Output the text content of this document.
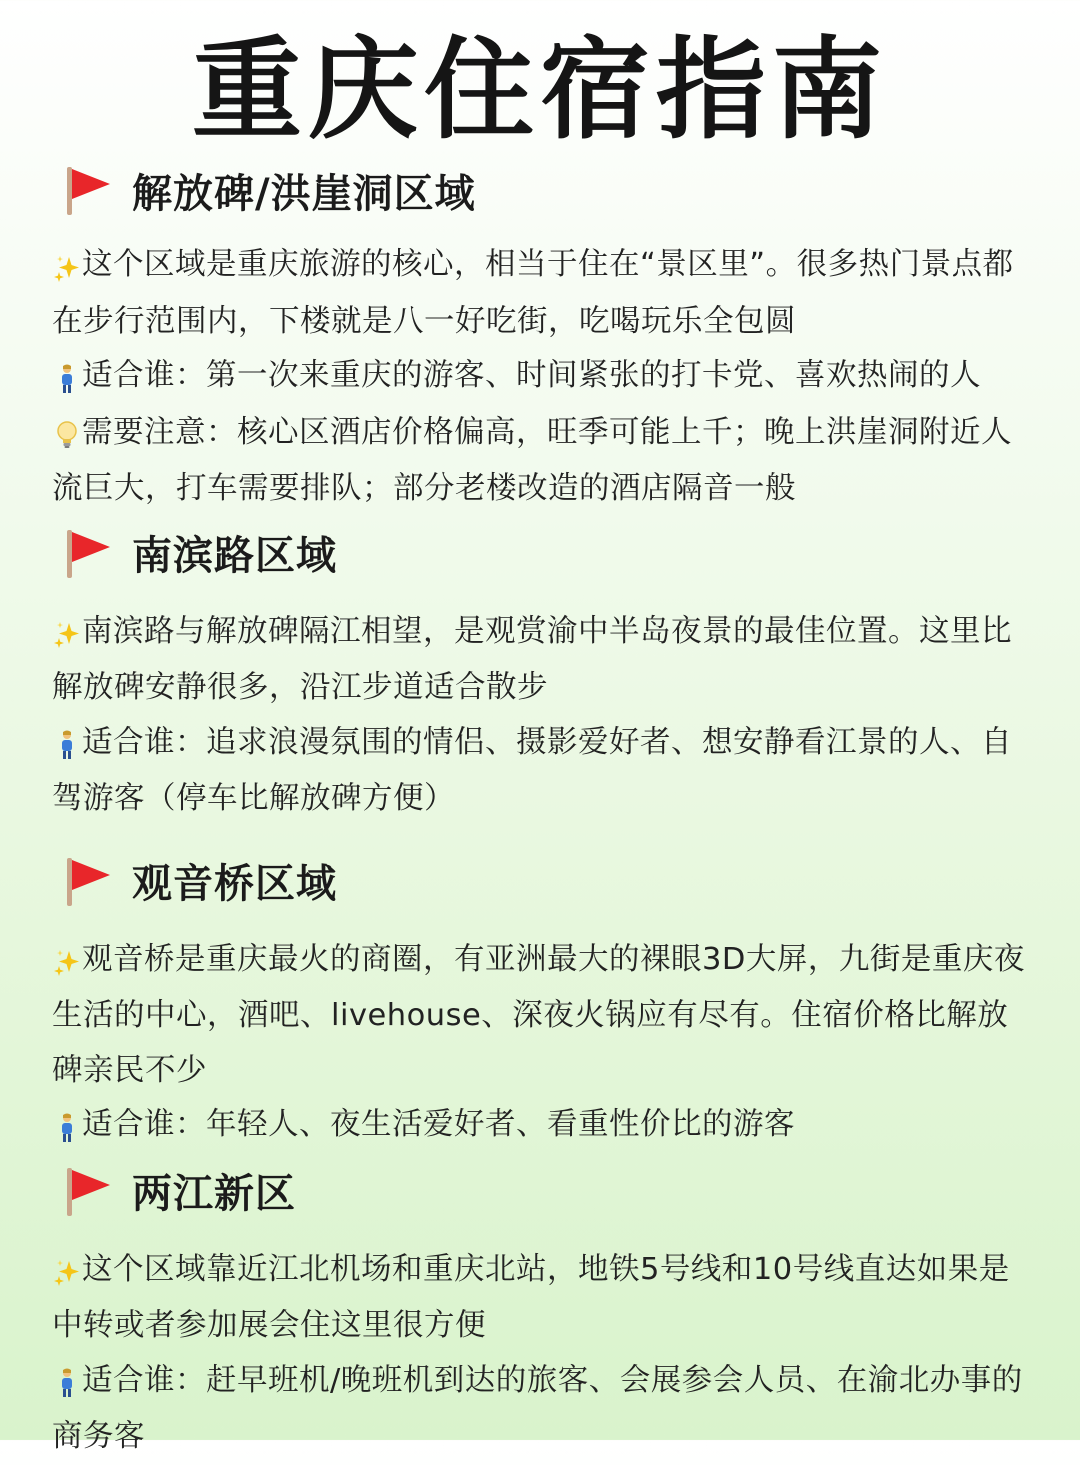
重庆住宿指南
解放碑/洪崖洞区域

这个区域是重庆旅游的核心，相当于住在“景区里”。很多热门景点都在步行范围内，下楼就是八一好吃街，吃喝玩乐全包圆

适合谁：第一次来重庆的游客、时间紧张的打卡党、喜欢热闹的人

需要注意：核心区酒店价格偏高，旺季可能上千；晚上洪崖洞附近人流巨大，打车需要排队；部分老楼改造的酒店隔音一般

南滨路区域

南滨路与解放碑隔江相望，是观赏渝中半岛夜景的最佳位置。这里比解放碑安静很多，沿江步道适合散步

适合谁：追求浪漫氛围的情侣、摄影爱好者、想安静看江景的人、自驾游客（停车比解放碑方便）

观音桥区域

观音桥是重庆最火的商圈，有亚洲最大的裸眼3D大屏，九街是重庆夜生活的中心，酒吧、livehouse、深夜火锅应有尽有。住宿价格比解放碑亲民不少

适合谁：年轻人、夜生活爱好者、看重性价比的游客

两江新区

这个区域靠近江北机场和重庆北站，地铁5号线和10号线直达如果是中转或者参加展会住这里很方便

适合谁：赶早班机/晚班机到达的旅客、会展参会人员、在渝北办事的商务客
